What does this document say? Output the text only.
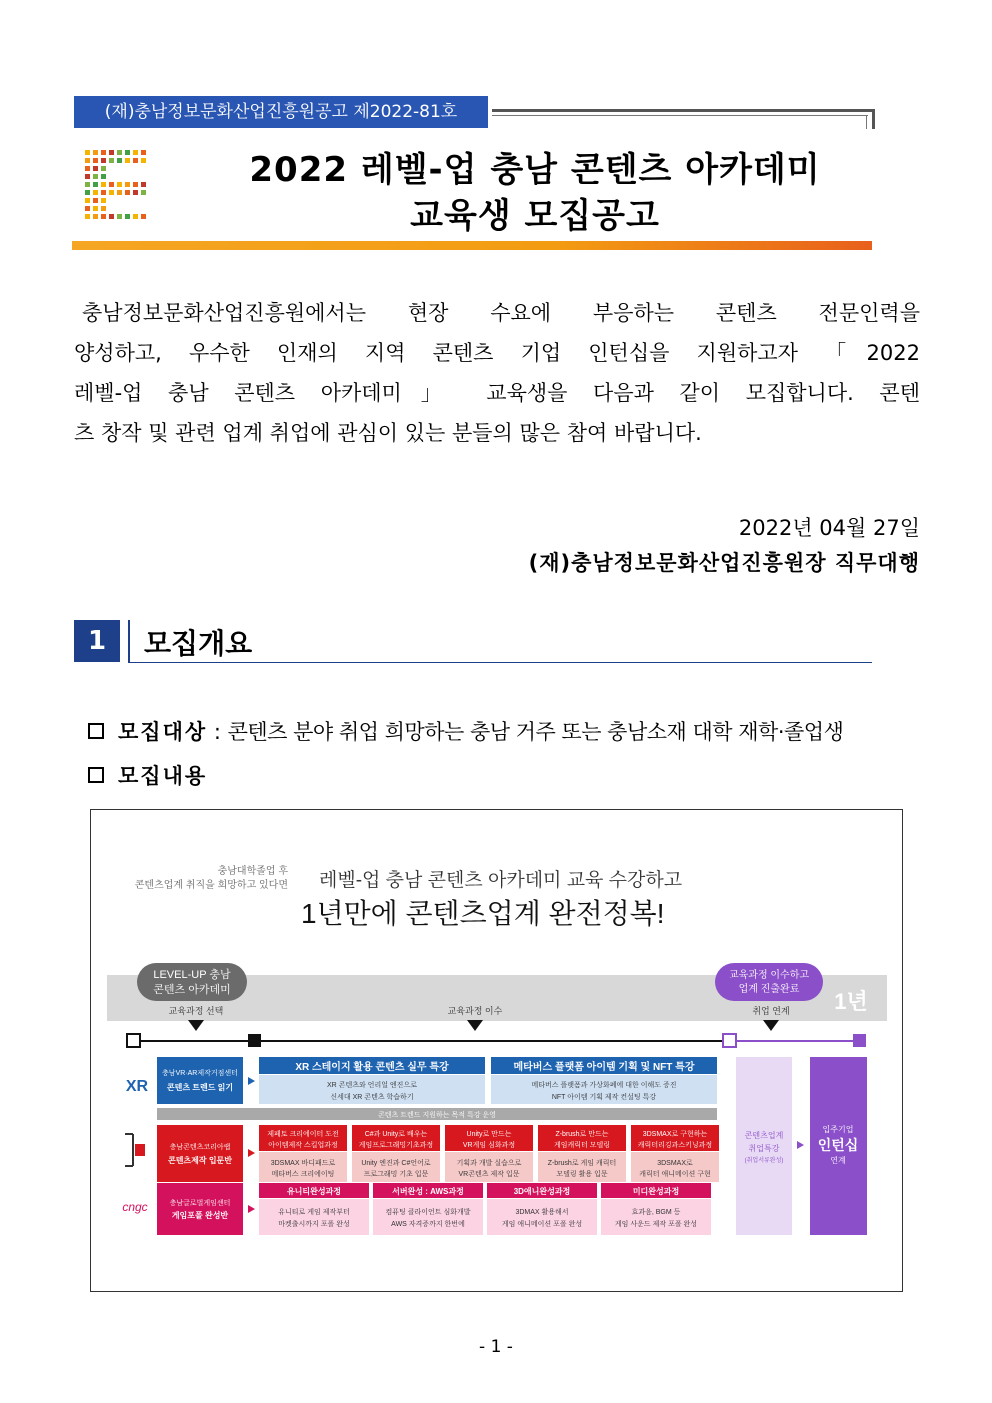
(재)충남정보문화산업진흥원공고 제2022-81호
2022 레벨-업 충남 콘텐츠 아카데미
교육생 모집공고
충남정보문화산업진흥원에서는 현장 수요에 부응하는 콘텐츠 전문인력을
양성하고, 우수한 인재의 지역 콘텐츠 기업 인턴십을 지원하고자 「2022
레벨-업 충남 콘텐츠 아카데미」 교육생을 다음과 같이 모집합니다. 콘텐
츠 창작 및 관련 업계 취업에 관심이 있는 분들의 많은 참여 바랍니다.
2022년 04월 27일
(재)충남정보문화산업진흥원장 직무대행
1	모집개요
모집대상 : 콘텐츠 분야 취업 희망하는 충남 거주 또는 충남소재 대학 재학·졸업생
모집내용
충남대학졸업 후
콘텐츠업계 취직을 희망하고 있다면 레벨-업 충남 콘텐츠 아카데미 교육 수강하고
1년만에 콘텐츠업계 완전정복!
LEVEL-UP 충남
콘텐츠 아카데미
교육과정 이수하고
업계 진출완료 1년
교육과정 선택	교육과정 이수	취업 연계
XR
충남VR·AR제작거점센터
콘텐츠 트렌드 읽기
XR 스테이지 활용 콘텐츠 실무 특강
XR 콘텐츠와 언리얼 엔진으로
신세대 XR 콘텐츠 학습하기
메타버스 플랫폼 아이템 기획 및 NFT 특강
메타버스 플랫폼과 가상화폐에 대한 이해도 증진
NFT 아이템 기획 제작 컨설팅 특강
콘텐츠 트렌드 지원하는 목적 특강 운영
충남콘텐츠코리아랩
콘텐츠제작 입문반
제페토 크리에이터 도전
아이템제작 스킬업과정
3DSMAX 바디패드로
메타버스 크리에이팅
C#과 Unity로 배우는
게임프로그래밍기초과정
Unity 엔진과 C#언어로
프로그래밍 기초 입문
Unity로 만드는
VR게임 심화과정
기획과 개발 실습으로
VR콘텐츠 제작 입문
Z-brush로 만드는
게임캐릭터 모델링
Z-brush로 게임 캐릭터
모델링 활용 입문
3DSMAX로 구현하는
캐릭터리깅과스키닝과정
3DSMAX로
캐릭터 애니메이션 구현
cngc	충남글로벌게임센터
게임포폴 완성반
유니티완성과정
유니티로 게임 제작부터
마켓출시까지 포폴 완성
서버완성 : AWS과정
컴퓨팅 클라이언트 심화개발
AWS 자격증까지 한번에
3D애니완성과정
3DMAX 활용해서
게임 애니메이션 포폴 완성
미디완성과정
효과음, BGM 등
게임 사운드 제작 포폴 완성
콘텐츠업계
취업특강
(취업서류완성)
입주기업
인턴십
연계
- 1 -
